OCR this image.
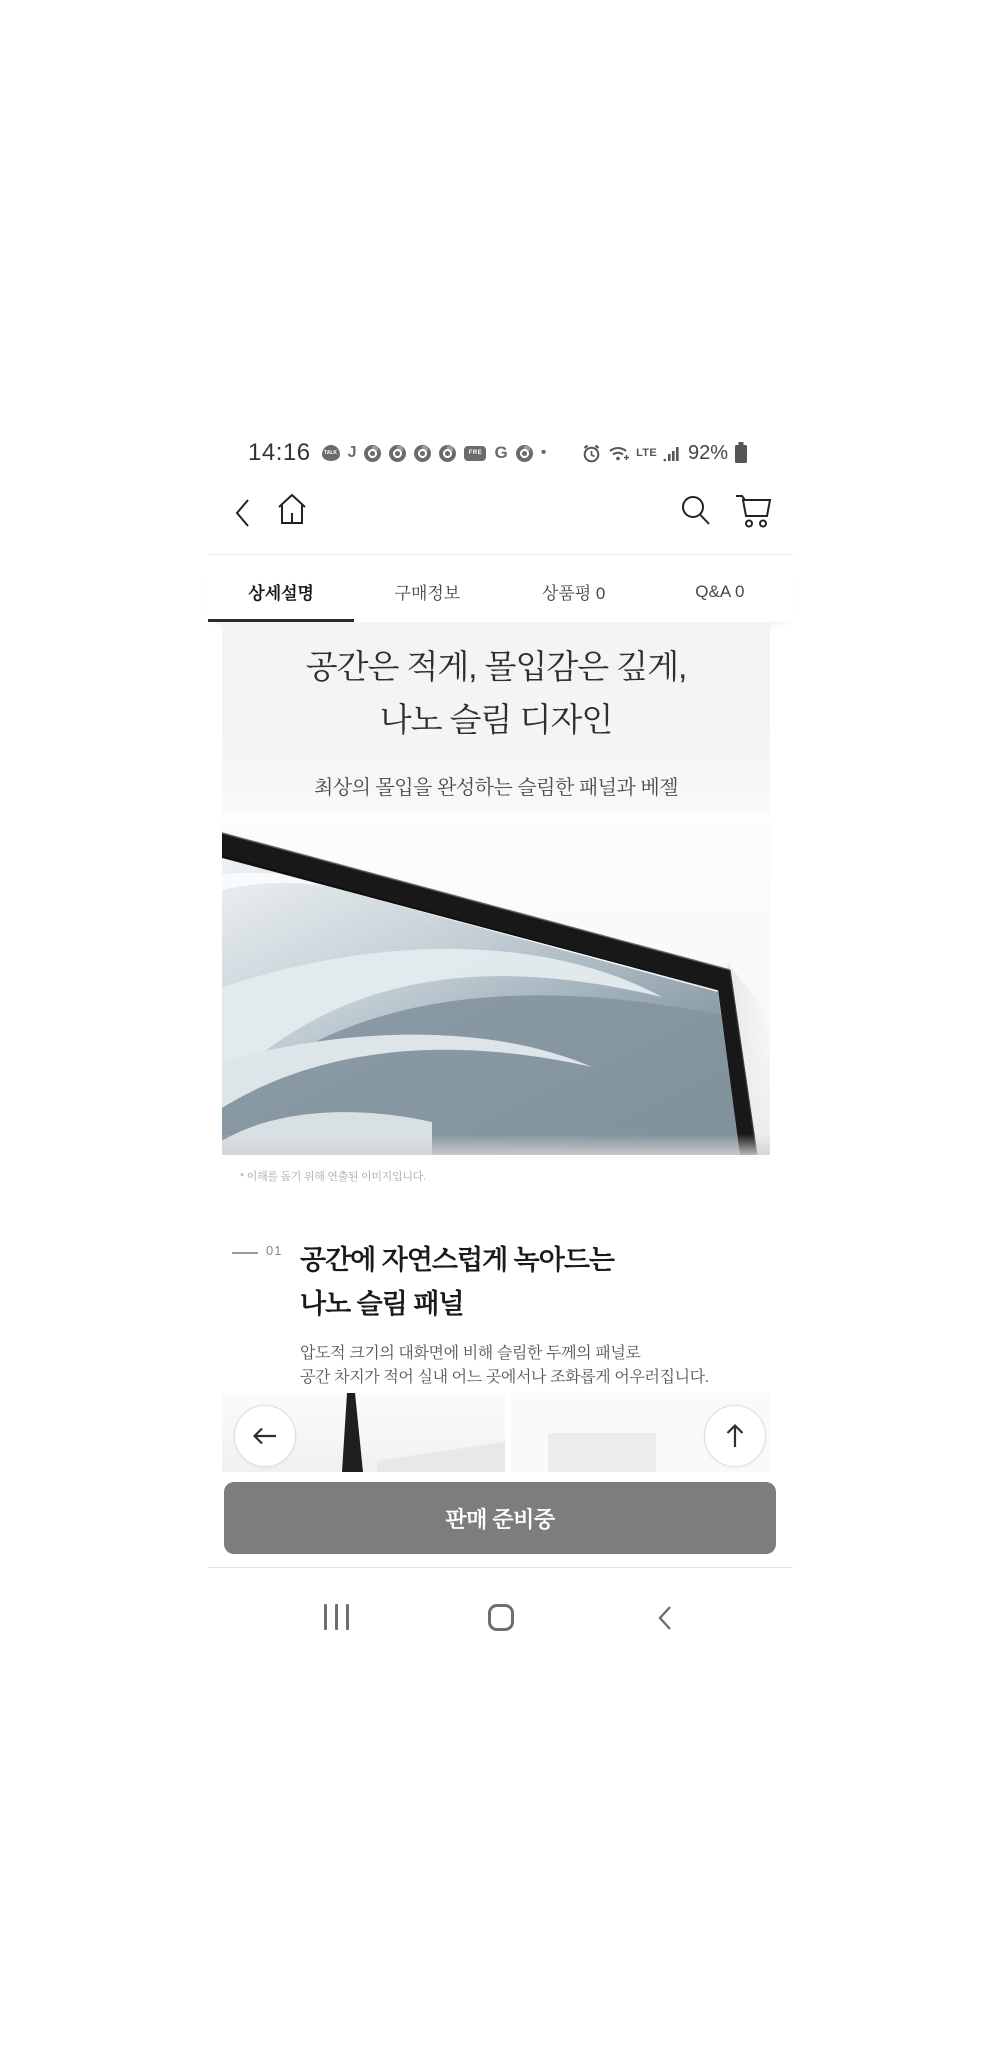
14:16	TALK J	FRE G •	LTE 92%
상세설명	구매정보	상품평 0	Q&A 0
공간은 적게, 몰입감은 깊게,
나노 슬림 디자인
최상의 몰입을 완성하는 슬림한 패널과 베젤
* 이해를 돕기 위해 연출된 이미지입니다.
01 공간에 자연스럽게 녹아드는
나노 슬림 패널
압도적 크기의 대화면에 비해 슬림한 두께의 패널로
공간 차지가 적어 실내 어느 곳에서나 조화롭게 어우러집니다.
판매 준비중
